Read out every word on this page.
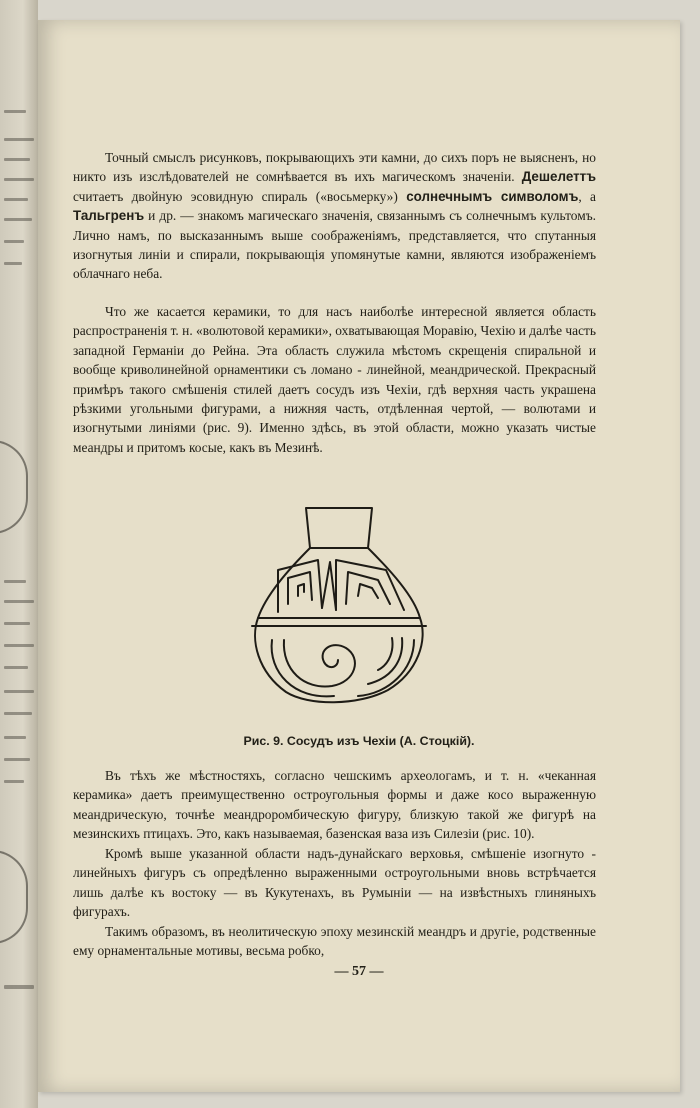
Точный смыслъ рисунковъ, покрывающихъ эти камни, до сихъ поръ не выясненъ, но никто изъ изслѣдователей не сомнѣвается въ ихъ магическомъ значеніи. Дешелеттъ считаетъ двойную эсовидную спираль («восьмерку») солнечнымъ символомъ, а Тальгренъ и др. — знакомъ магическаго значенія, связаннымъ съ солнечнымъ культомъ. Лично намъ, по высказаннымъ выше соображеніямъ, представляется, что спутанныя изогнутыя линіи и спирали, покрывающія упомянутые камни, являются изображеніемъ облачнаго неба.

Что же касается керамики, то для насъ наиболѣе интересной является область распространенія т. н. «волютовой керамики», охватывающая Моравію, Чехію и далѣе часть западной Германіи до Рейна. Эта область служила мѣстомъ скрещенія спиральной и вообще криволинейной орнаментики съ ломано - линейной, меандрической. Прекрасный примѣръ такого смѣшенія стилей даетъ сосудъ изъ Чехіи, гдѣ верхняя часть украшена рѣзкими угольными фигурами, а нижняя часть, отдѣленная чертой, — волютами и изогнутыми линіями (рис. 9). Именно здѣсь, въ этой области, можно указать чистые меандры и притомъ косые, какъ въ Мезинѣ.

Рис. 9. Сосудъ изъ Чехіи (А. Стоцкій).

Въ тѣхъ же мѣстностяхъ, согласно чешскимъ археологамъ, и т. н. «чеканная керамика» даетъ преимущественно остроугольныя формы и даже косо выраженную меандрическую, точнѣе меандроромбическую фигуру, близкую такой же фигурѣ на мезинскихъ птицахъ. Это, какъ называемая, базенская ваза изъ Силезіи (рис. 10).

Кромѣ выше указанной области надъ-дунайскаго верховья, смѣшеніе изогнуто - линейныхъ фигуръ съ опредѣленно выраженными остроугольными вновь встрѣчается лишь далѣе къ востоку — въ Кукутенахъ, въ Румыніи — на извѣстныхъ глиняныхъ фигурахъ.

Такимъ образомъ, въ неолитическую эпоху мезинскій меандръ и другіе, родственные ему орнаментальные мотивы, весьма робко,

— 57 —
